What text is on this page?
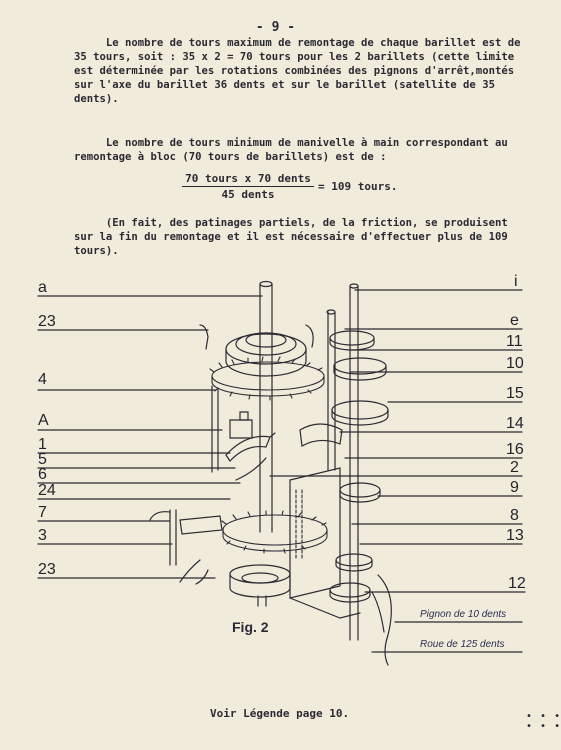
- 9 -
Le nombre de tours maximum de remontage de chaque barillet est de
35 tours, soit : 35 x 2 = 70 tours pour les 2 barillets (cette limite
est déterminée par les rotations combinées des pignons d'arrêt,montés
sur l'axe du barillet 36 dents et sur le barillet (satellite de 35
dents).
Le nombre de tours minimum de manivelle à main correspondant au
remontage à bloc (70 tours de barillets) est de :
70 tours x 70 dents
45 dents
= 109 tours.
(En fait, des patinages partiels, de la friction, se produisent
sur la fin du remontage et il est nécessaire d'effectuer plus de 109
tours).
a
23
4
A
1
5
6
24
7
3
23
i
e
11
10
15
14
16
2
9
8
13
12
Pignon de 10 dents
Roue de 125 dents
Fig. 2
Voir Légende page 10.	• • •
• • •
